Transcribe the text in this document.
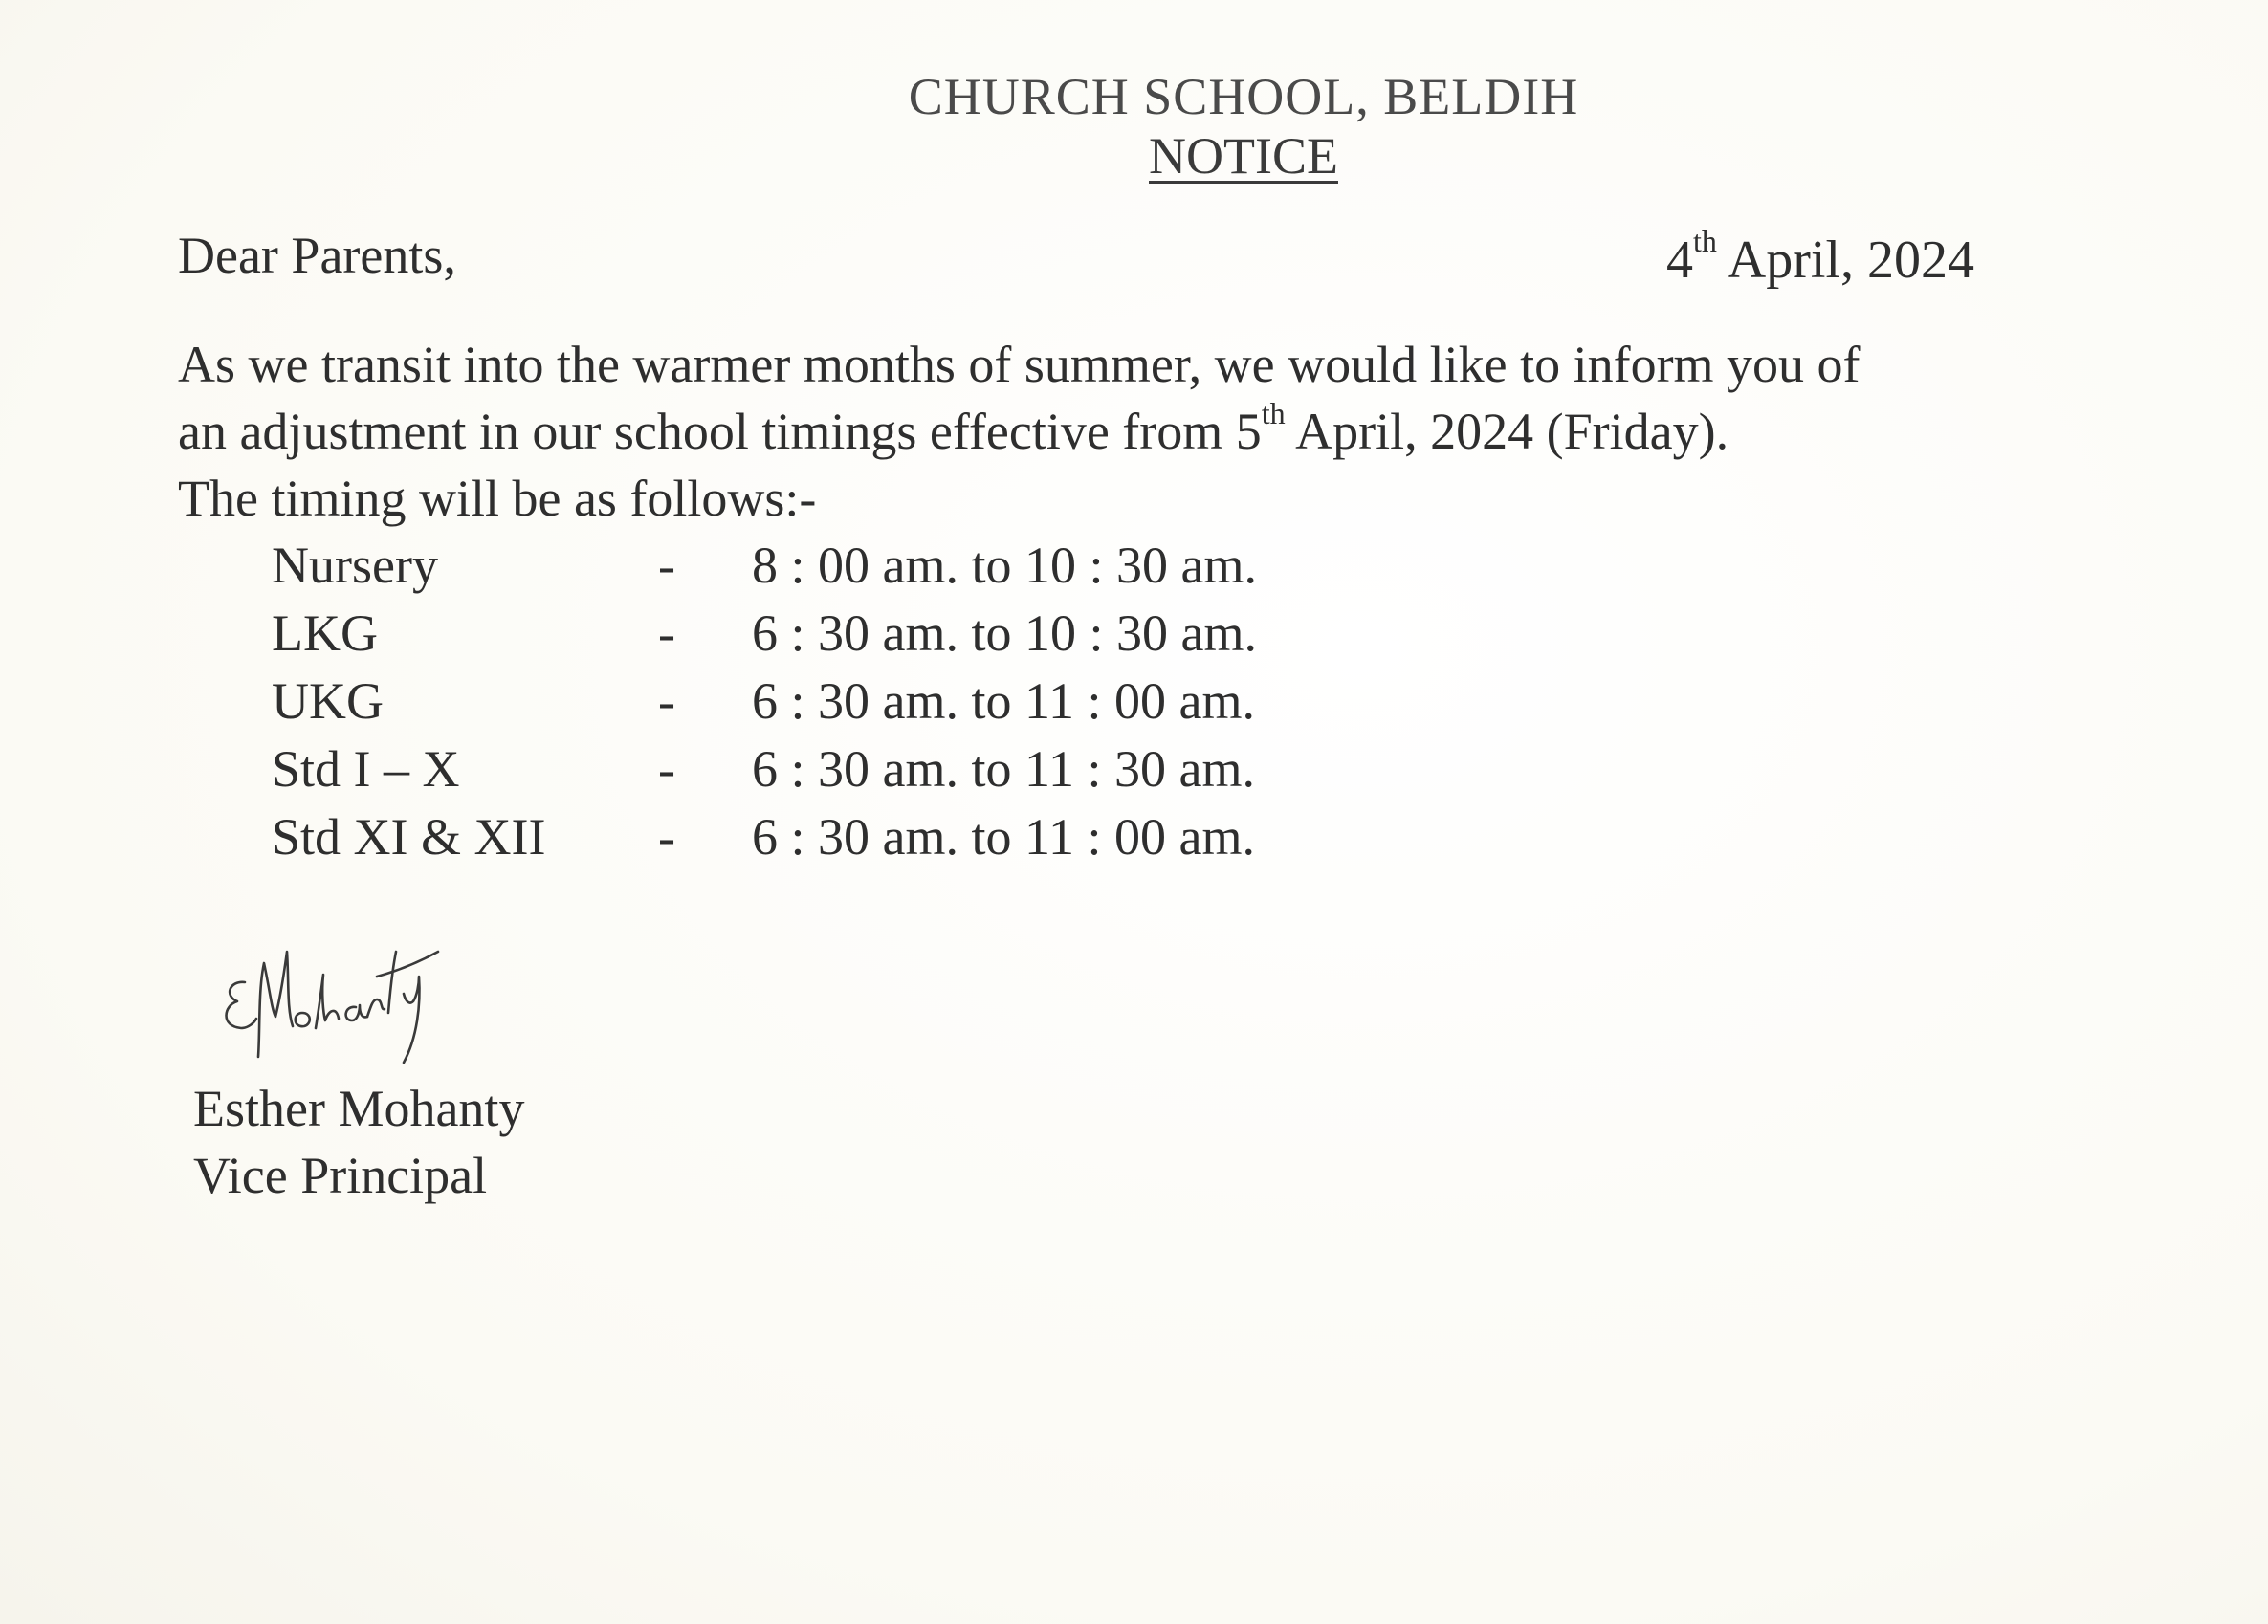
CHURCH SCHOOL, BELDIH
NOTICE
Dear Parents,	4th April, 2024
As we transit into the warmer months of summer, we would like to inform you of
an adjustment in our school timings effective from 5th April, 2024 (Friday).
The timing will be as follows:-
Nursery	- 8 : 00 am. to 10 : 30 am.
LKG	- 6 : 30 am. to 10 : 30 am.
UKG	- 6 : 30 am. to 11 : 00 am.
Std I – X	- 6 : 30 am. to 11 : 30 am.
Std XI & XII - 6 : 30 am. to 11 : 00 am.
Esther Mohanty
Vice Principal
